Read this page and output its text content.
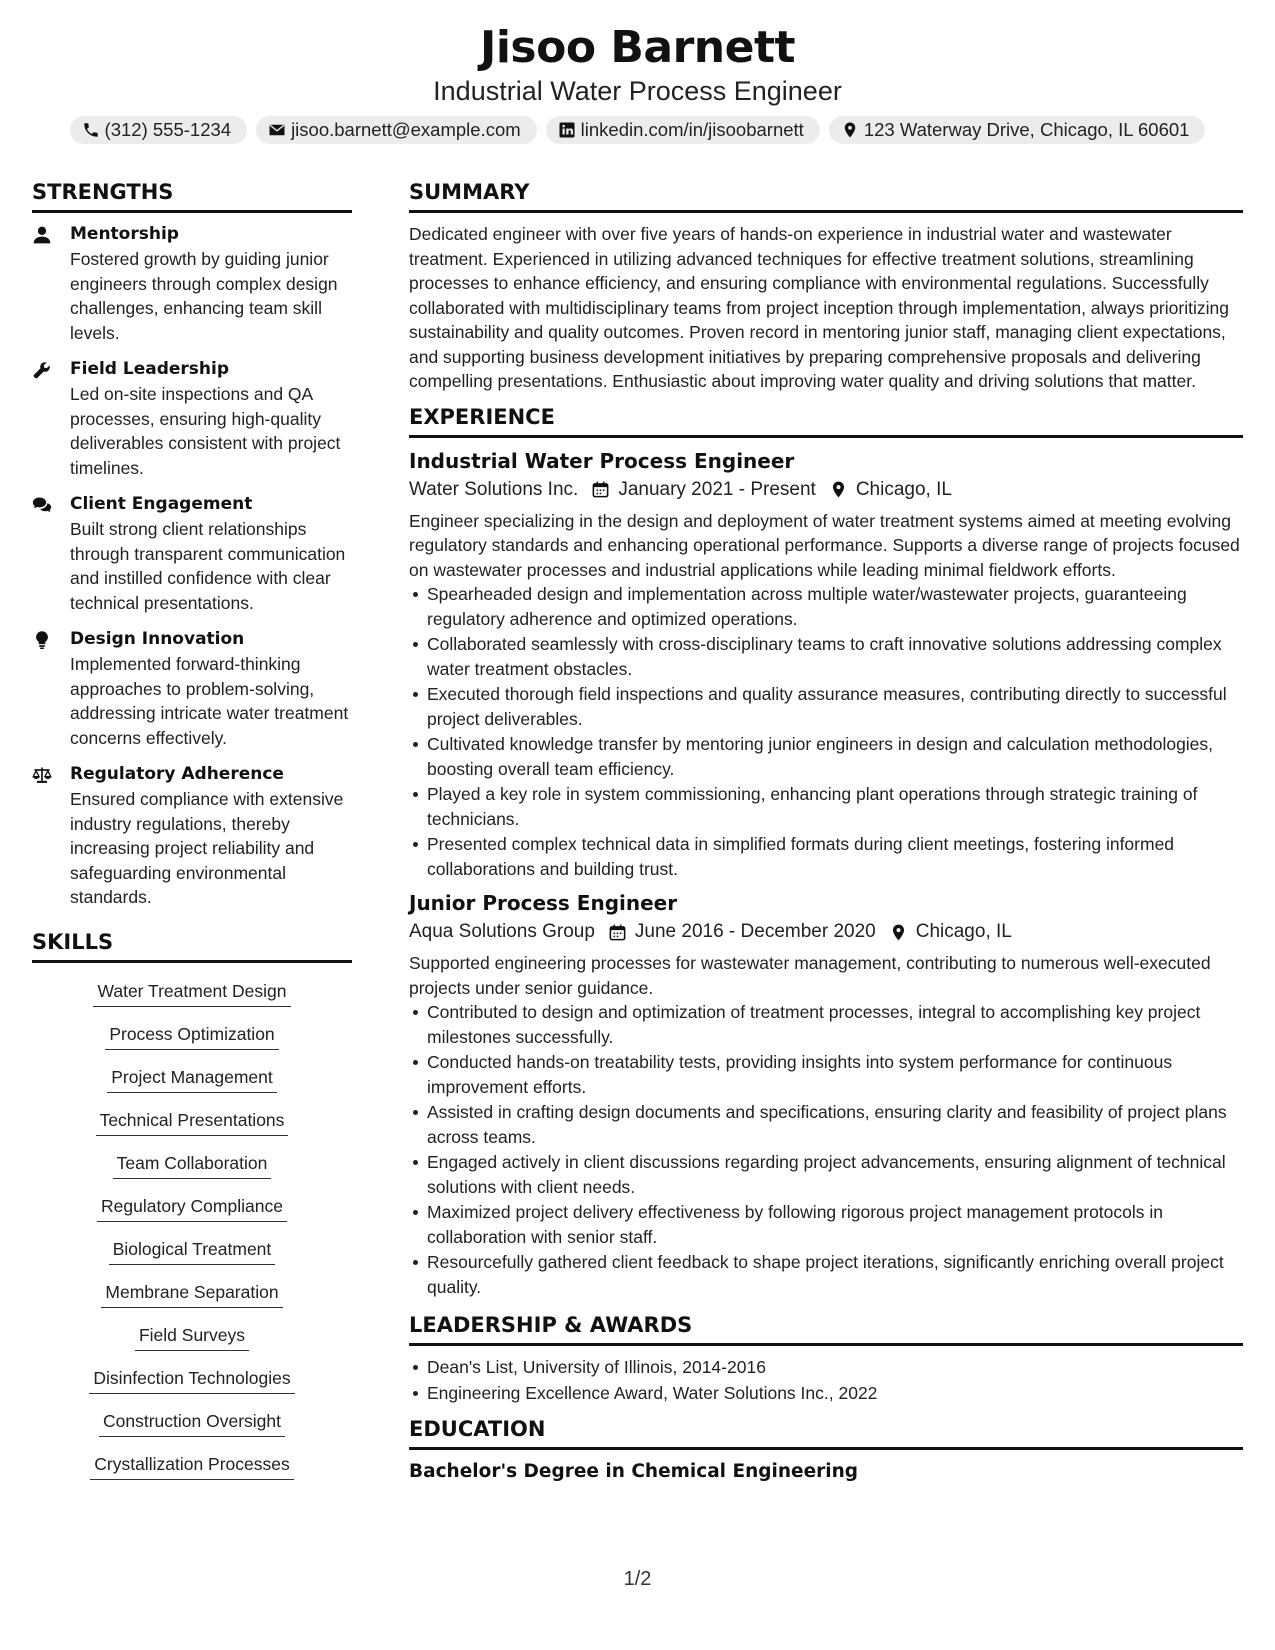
Jisoo Barnett
Industrial Water Process Engineer
(312) 555-1234	jisoo.barnett@example.com	linkedin.com/in/jisoobarnett	123 Waterway Drive, Chicago, IL 60601
STRENGTHS
Mentorship

Fostered growth by guiding junior engineers through complex design challenges, enhancing team skill levels.

Field Leadership

Led on-site inspections and QA processes, ensuring high-quality deliverables consistent with project timelines.

Client Engagement

Built strong client relationships through transparent communication and instilled confidence with clear technical presentations.

Design Innovation

Implemented forward-thinking approaches to problem-solving, addressing intricate water treatment concerns effectively.

Regulatory Adherence

Ensured compliance with extensive industry regulations, thereby increasing project reliability and safeguarding environmental standards.

SKILLS
Water Treatment Design
Process Optimization
Project Management
Technical Presentations
Team Collaboration
Regulatory Compliance
Biological Treatment
Membrane Separation
Field Surveys
Disinfection Technologies
Construction Oversight
Crystallization Processes
SUMMARY

Dedicated engineer with over five years of hands-on experience in industrial water and wastewater treatment. Experienced in utilizing advanced techniques for effective treatment solutions, streamlining processes to enhance efficiency, and ensuring compliance with environmental regulations. Successfully collaborated with multidisciplinary teams from project inception through implementation, always prioritizing sustainability and quality outcomes. Proven record in mentoring junior staff, managing client expectations, and supporting business development initiatives by preparing comprehensive proposals and delivering compelling presentations. Enthusiastic about improving water quality and driving solutions that matter.

EXPERIENCE
Industrial Water Process Engineer
Water Solutions Inc. January 2021 - Present Chicago, IL

Engineer specializing in the design and deployment of water treatment systems aimed at meeting evolving regulatory standards and enhancing operational performance. Supports a diverse range of projects focused on wastewater processes and industrial applications while leading minimal fieldwork efforts.

Spearheaded design and implementation across multiple water/wastewater projects, guaranteeing regulatory adherence and optimized operations.
Collaborated seamlessly with cross-disciplinary teams to craft innovative solutions addressing complex water treatment obstacles.
Executed thorough field inspections and quality assurance measures, contributing directly to successful project deliverables.
Cultivated knowledge transfer by mentoring junior engineers in design and calculation methodologies, boosting overall team efficiency.
Played a key role in system commissioning, enhancing plant operations through strategic training of technicians.
Presented complex technical data in simplified formats during client meetings, fostering informed collaborations and building trust.
Junior Process Engineer
Aqua Solutions Group June 2016 - December 2020 Chicago, IL

Supported engineering processes for wastewater management, contributing to numerous well-executed projects under senior guidance.

Contributed to design and optimization of treatment processes, integral to accomplishing key project milestones successfully.
Conducted hands-on treatability tests, providing insights into system performance for continuous improvement efforts.
Assisted in crafting design documents and specifications, ensuring clarity and feasibility of project plans across teams.
Engaged actively in client discussions regarding project advancements, ensuring alignment of technical solutions with client needs.
Maximized project delivery effectiveness by following rigorous project management protocols in collaboration with senior staff.
Resourcefully gathered client feedback to shape project iterations, significantly enriching overall project quality.
LEADERSHIP & AWARDS
Dean's List, University of Illinois, 2014-2016
Engineering Excellence Award, Water Solutions Inc., 2022
EDUCATION
Bachelor's Degree in Chemical Engineering
1/2
